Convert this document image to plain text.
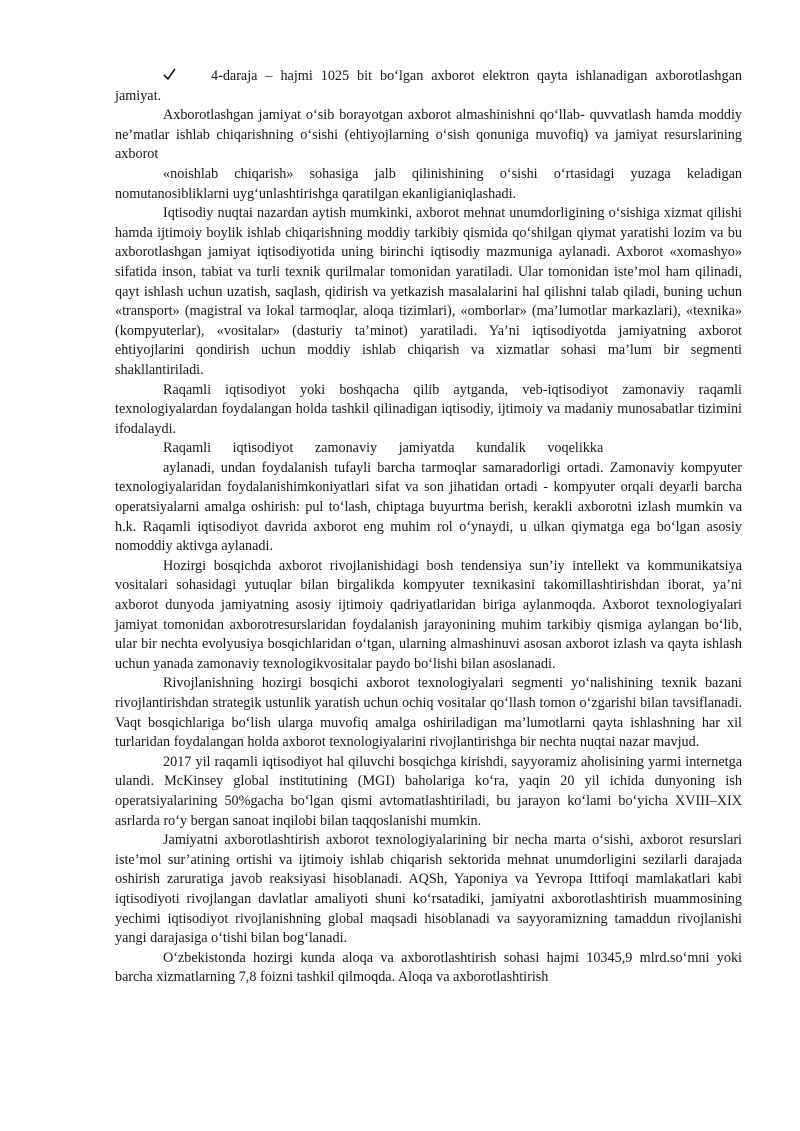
4-daraja – hajmi 1025 bit bo‘lgan axborot elektron qayta ishlanadigan axborotlashgan jamiyat.

Axborotlashgan jamiyat o‘sib borayotgan axborot almashinishni qo‘llab- quvvatlash hamda moddiy ne’matlar ishlab chiqarishning o‘sishi (ehtiyojlarning o‘sish qonuniga muvofiq) va jamiyat resurslarining axborot

«noishlab chiqarish» sohasiga jalb qilinishining o‘sishi o‘rtasidagi yuzaga keladigan nomutanosibliklarni uyg‘unlashtirishga qaratilgan ekanligianiqlashadi.

Iqtisodiy nuqtai nazardan aytish mumkinki, axborot mehnat unumdorligining o‘sishiga xizmat qilishi hamda ijtimoiy boylik ishlab chiqarishning moddiy tarkibiy qismida qo‘shilgan qiymat yaratishi lozim va bu axborotlashgan jamiyat iqtisodiyotida uning birinchi iqtisodiy mazmuniga aylanadi. Axborot «xomashyo» sifatida inson, tabiat va turli texnik qurilmalar tomonidan yaratiladi. Ular tomonidan iste’mol ham qilinadi, qayt ishlash uchun uzatish, saqlash, qidirish va yetkazish masalalarini hal qilishni talab qiladi, buning uchun «transport» (magistral va lokal tarmoqlar, aloqa tizimlari), «omborlar» (ma’lumotlar markazlari), «texnika» (kompyuterlar), «vositalar» (dasturiy ta’minot) yaratiladi. Ya’ni iqtisodiyotda jamiyatning axborot ehtiyojlarini qondirish uchun moddiy ishlab chiqarish va xizmatlar sohasi ma’lum bir segmenti shakllantiriladi.

Raqamli iqtisodiyot yoki boshqacha qilib aytganda, veb-iqtisodiyot zamonaviy raqamli texnologiyalardan foydalangan holda tashkil qilinadigan iqtisodiy, ijtimoiy va madaniy munosabatlar tizimini ifodalaydi.

Raqamli iqtisodiyot zamonaviy jamiyatda kundalik voqelikka

aylanadi, undan foydalanish tufayli barcha tarmoqlar samaradorligi ortadi. Zamonaviy kompyuter texnologiyalaridan foydalanishimkoniyatlari sifat va son jihatidan ortadi - kompyuter orqali deyarli barcha operatsiyalarni amalga oshirish: pul to‘lash, chiptaga buyurtma berish, kerakli axborotni izlash mumkin va h.k. Raqamli iqtisodiyot davrida axborot eng muhim rol o‘ynaydi, u ulkan qiymatga ega bo‘lgan asosiy nomoddiy aktivga aylanadi.

Hozirgi bosqichda axborot rivojlanishidagi bosh tendensiya sun’iy intellekt va kommunikatsiya vositalari sohasidagi yutuqlar bilan birgalikda kompyuter texnikasini takomillashtirishdan iborat, ya’ni axborot dunyoda jamiyatning asosiy ijtimoiy qadriyatlaridan biriga aylanmoqda. Axborot texnologiyalari jamiyat tomonidan axborotresurslaridan foydalanish jarayonining muhim tarkibiy qismiga aylangan bo‘lib, ular bir nechta evolyusiya bosqichlaridan o‘tgan, ularning almashinuvi asosan axborot izlash va qayta ishlash uchun yanada zamonaviy texnologikvositalar paydo bo‘lishi bilan asoslanadi.

Rivojlanishning hozirgi bosqichi axborot texnologiyalari segmenti yo‘nalishining texnik bazani rivojlantirishdan strategik ustunlik yaratish uchun ochiq vositalar qo‘llash tomon o‘zgarishi bilan tavsiflanadi. Vaqt bosqichlariga bo‘lish ularga muvofiq amalga oshiriladigan ma’lumotlarni qayta ishlashning har xil turlaridan foydalangan holda axborot texnologiyalarini rivojlantirishga bir nechta nuqtai nazar mavjud.

2017 yil raqamli iqtisodiyot hal qiluvchi bosqichga kirishdi, sayyoramiz aholisining yarmi internetga ulandi. McKinsey global institutining (MGI) baholariga ko‘ra, yaqin 20 yil ichida dunyoning ish operatsiyalarining 50%gacha bo‘lgan qismi avtomatlashtiriladi, bu jarayon ko‘lami bo‘yicha XVIII–XIX asrlarda ro‘y bergan sanoat inqilobi bilan taqqoslanishi mumkin.

Jamiyatni axborotlashtirish axborot texnologiyalarining bir necha marta o‘sishi, axborot resurslari iste’mol sur’atining ortishi va ijtimoiy ishlab chiqarish sektorida mehnat unumdorligini sezilarli darajada oshirish zaruratiga javob reaksiyasi hisoblanadi. AQSh, Yaponiya va Yevropa Ittifoqi mamlakatlari kabi iqtisodiyoti rivojlangan davlatlar amaliyoti shuni ko‘rsatadiki, jamiyatni axborotlashtirish muammosining yechimi iqtisodiyot rivojlanishning global maqsadi hisoblanadi va sayyoramizning tamaddun rivojlanishi yangi darajasiga o‘tishi bilan bog‘lanadi.

O‘zbekistonda hozirgi kunda aloqa va axborotlashtirish sohasi hajmi 10345,9 mlrd.so‘mni yoki barcha xizmatlarning 7,8 foizni tashkil qilmoqda. Aloqa va axborotlashtirish
